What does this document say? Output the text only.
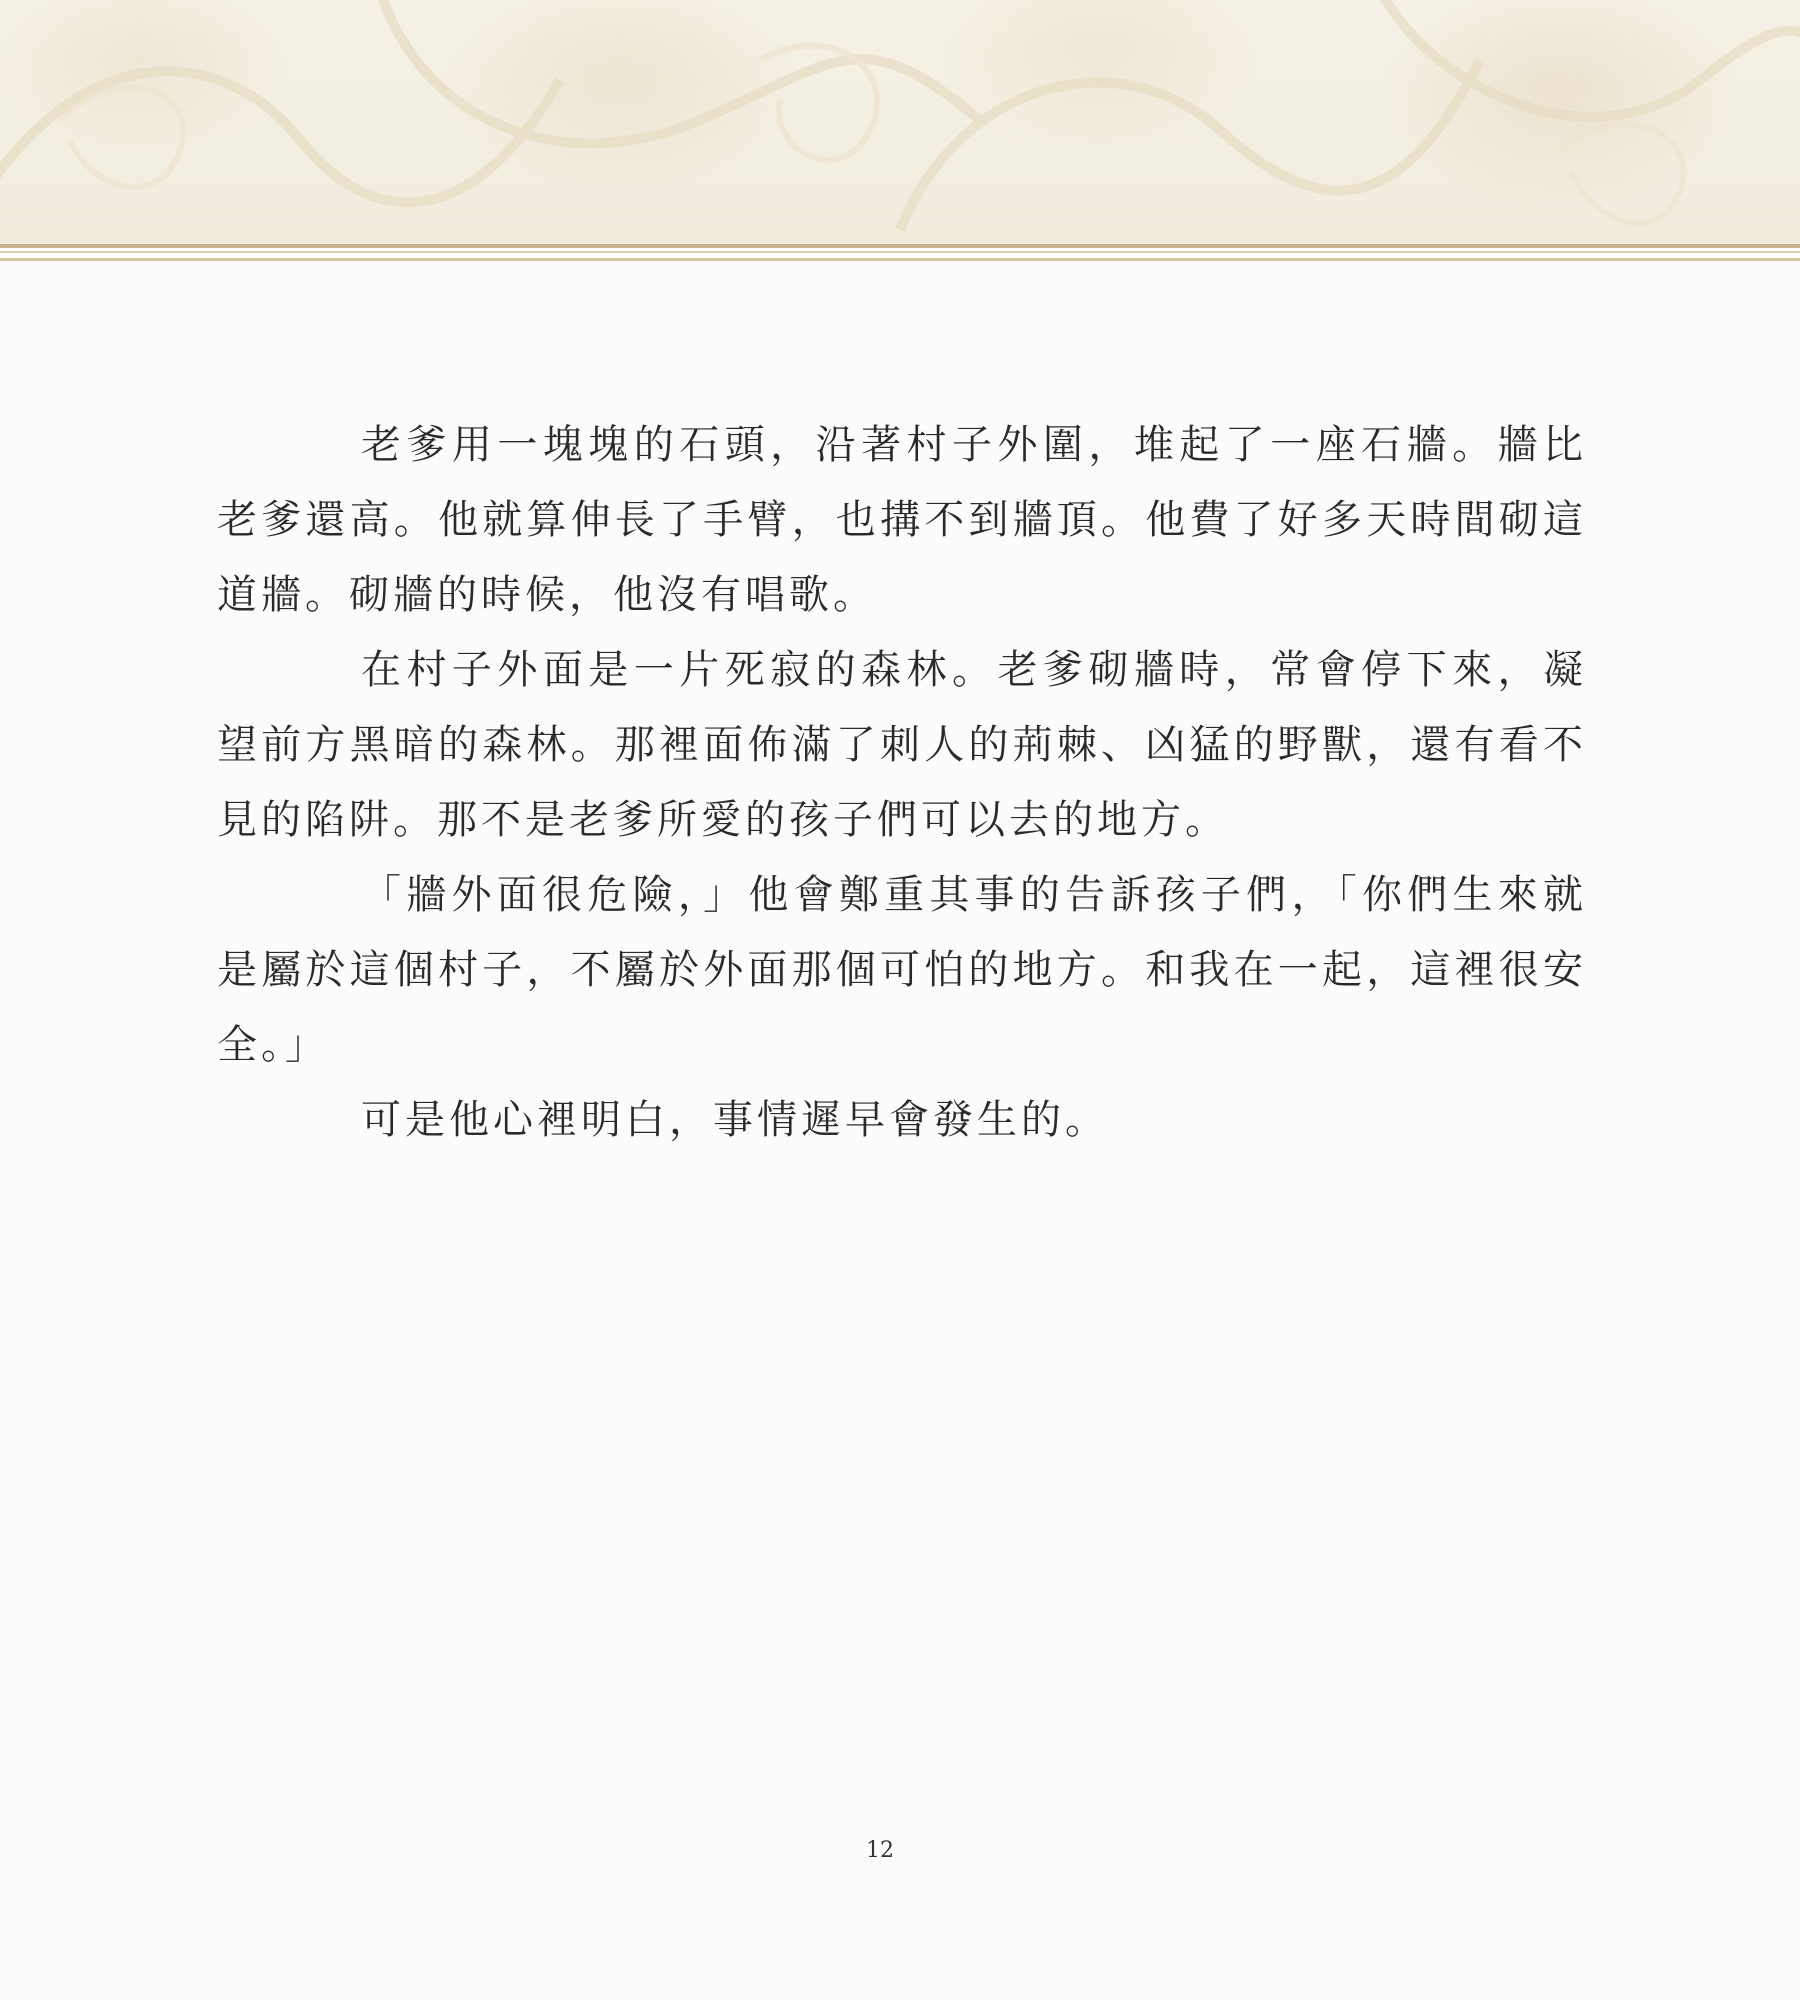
老爹用一塊塊的石頭，沿著村子外圍，堆起了一座石牆。牆比老爹還高。他就算伸長了手臂，也搆不到牆頂。他費了好多天時間砌這道牆。砌牆的時候，他沒有唱歌。

在村子外面是一片死寂的森林。老爹砌牆時，常會停下來，凝望前方黑暗的森林。那裡面佈滿了刺人的荊棘、凶猛的野獸，還有看不見的陷阱。那不是老爹所愛的孩子們可以去的地方。

「牆外面很危險，」他會鄭重其事的告訴孩子們，「你們生來就是屬於這個村子，不屬於外面那個可怕的地方。和我在一起，這裡很安全。」

可是他心裡明白，事情遲早會發生的。

12
